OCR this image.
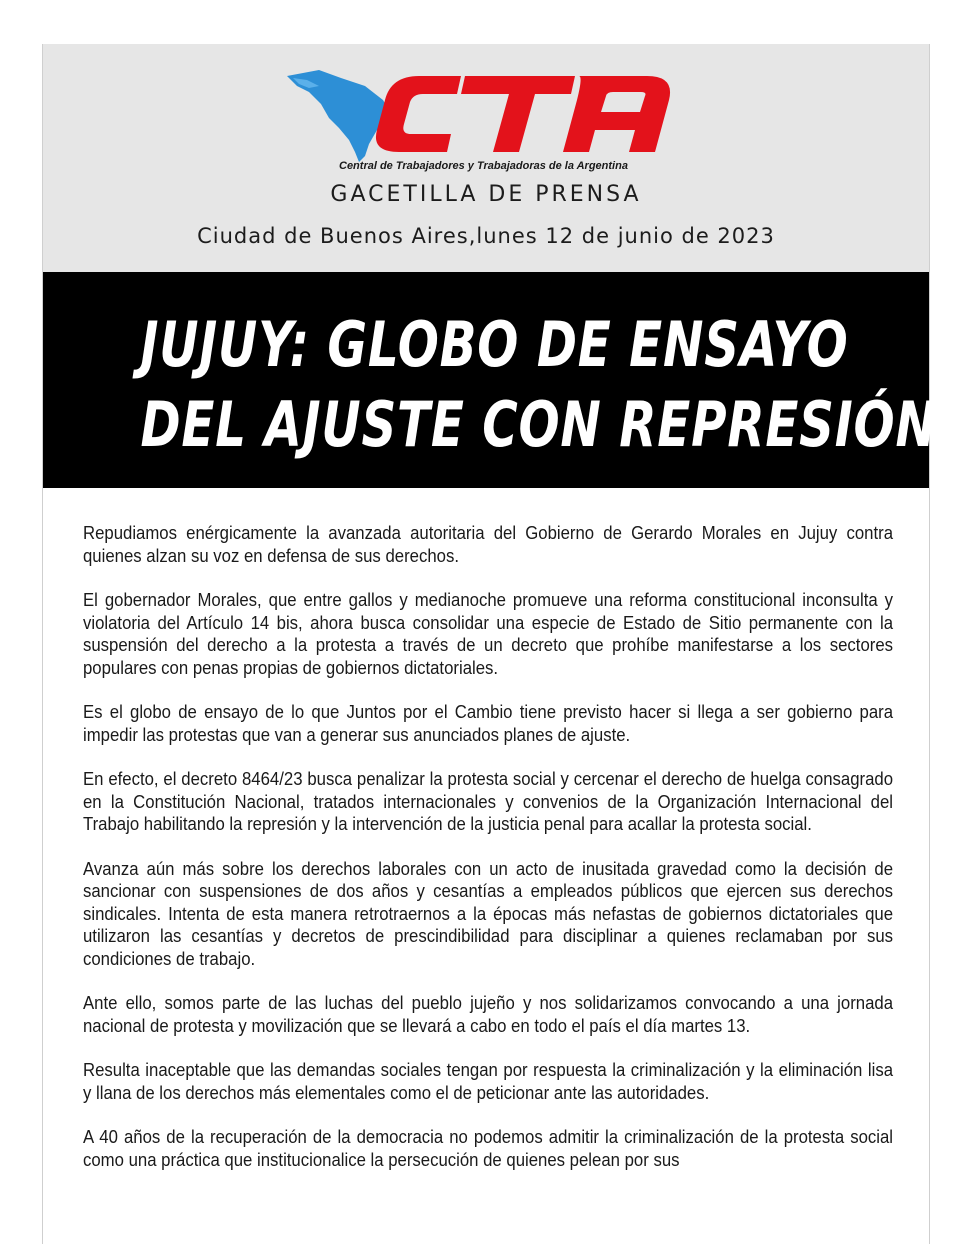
Central de Trabajadores y Trabajadoras de la Argentina
GACETILLA DE PRENSA
Ciudad de Buenos Aires,lunes 12 de junio de 2023
JUJUY: GLOBO DE ENSAYO
DEL AJUSTE CON REPRESIÓN

Repudiamos enérgicamente la avanzada autoritaria del Gobierno de Gerardo Morales en Jujuy contra quienes alzan su voz en defensa de sus derechos.

El gobernador Morales, que entre gallos y medianoche promueve una reforma constitucional inconsulta y violatoria del Artículo 14 bis, ahora busca consolidar una especie de Estado de Sitio permanente con la suspensión del derecho a la protesta a través de un decreto que prohíbe manifestarse a los sectores populares con penas propias de gobiernos dictatoriales.

Es el globo de ensayo de lo que Juntos por el Cambio tiene previsto hacer si llega a ser gobierno para impedir las protestas que van a generar sus anunciados planes de ajuste.

En efecto, el decreto 8464/23 busca penalizar la protesta social y cercenar el derecho de huelga consagrado en la Constitución Nacional, tratados internacionales y convenios de la Organización Internacional del Trabajo habilitando la represión y la intervención de la justicia penal para acallar la protesta social.

Avanza aún más sobre los derechos laborales con un acto de inusitada gravedad como la decisión de sancionar con suspensiones de dos años y cesantías a empleados públicos que ejercen sus derechos sindicales. Intenta de esta manera retrotraernos a la épocas más nefastas de gobiernos dictatoriales que utilizaron las cesantías y decretos de prescindibilidad para disciplinar a quienes reclamaban por sus condiciones de trabajo.

Ante ello, somos parte de las luchas del pueblo jujeño y nos solidarizamos convocando a una jornada nacional de protesta y movilización que se llevará a cabo en todo el país el día martes 13.

Resulta inaceptable que las demandas sociales tengan por respuesta la criminalización y la eliminación lisa y llana de los derechos más elementales como el de peticionar ante las autoridades.

A 40 años de la recuperación de la democracia no podemos admitir la criminalización de la protesta social como una práctica que institucionalice la persecución de quienes pelean por sus
